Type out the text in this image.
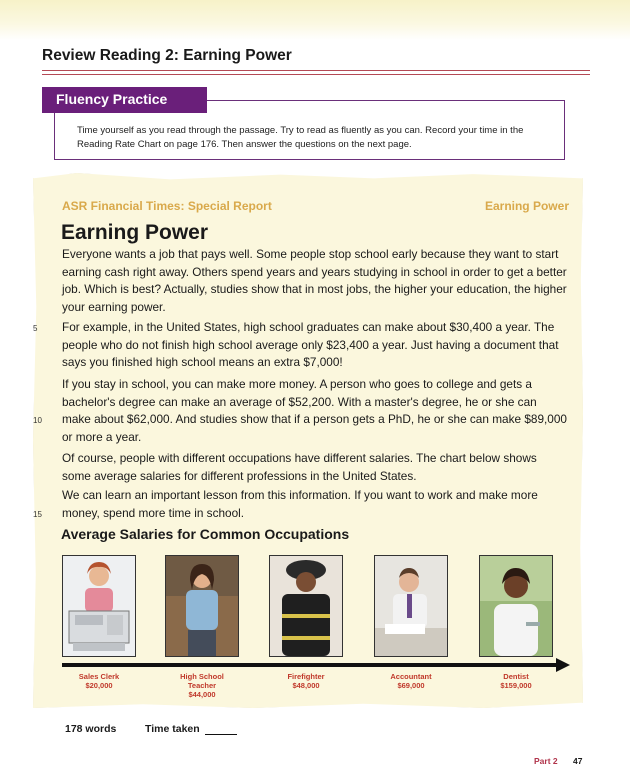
Review Reading 2: Earning Power
Fluency Practice
Time yourself as you read through the passage. Try to read as fluently as you can. Record your time in the Reading Rate Chart on page 176. Then answer the questions on the next page.
ASR Financial Times: Special Report	Earning Power
Earning Power
Everyone wants a job that pays well. Some people stop school early because they want to start earning cash right away. Others spend years and years studying in school in order to get a better job. Which is best? Actually, studies show that in most jobs, the higher your education, the higher your earning power.
For example, in the United States, high school graduates can make about $30,400 a year. The people who do not finish high school average only $23,400 a year. Just having a document that says you finished high school means an extra $7,000!
If you stay in school, you can make more money. A person who goes to college and gets a bachelor's degree can make an average of $52,200. With a master's degree, he or she can make about $62,000. And studies show that if a person gets a PhD, he or she can make $89,000 or more a year.
Of course, people with different occupations have different salaries. The chart below shows some average salaries for different professions in the United States.
We can learn an important lesson from this information. If you want to work and make more money, spend more time in school.
5
10
15
Average Salaries for Common Occupations
Sales Clerk
$20,000
High School Teacher
$44,000
Firefighter
$48,000
Accountant
$69,000
Dentist
$159,000
178 words	Time taken
Part 2 47
